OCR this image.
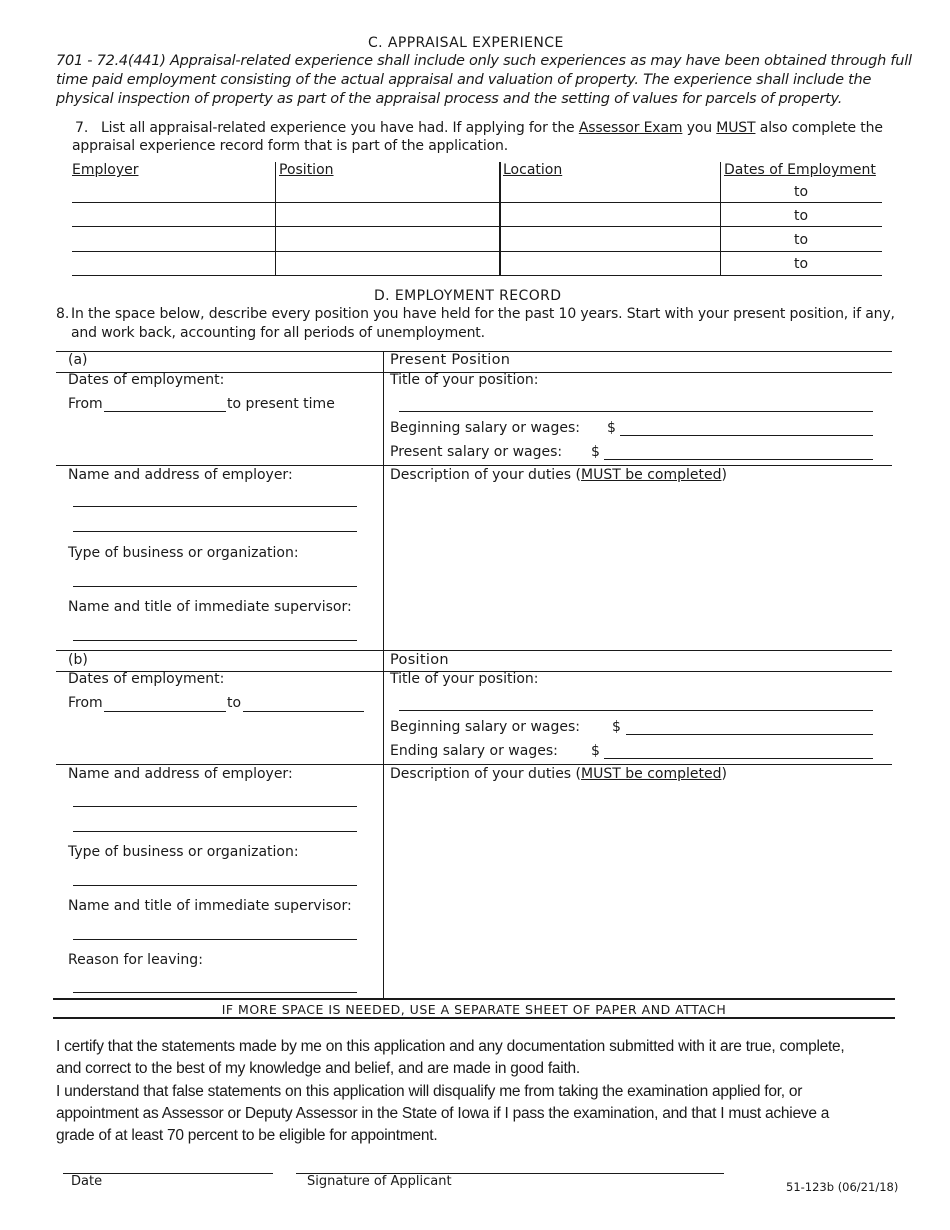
C. APPRAISAL EXPERIENCE
701 - 72.4(441) Appraisal-related experience shall include only such experiences as may have been obtained through full
time paid employment consisting of the actual appraisal and valuation of property. The experience shall include the
physical inspection of property as part of the appraisal process and the setting of values for parcels of property.
7. List all appraisal-related experience you have had. If applying for the Assessor Exam you MUST also complete the
appraisal experience record form that is part of the application.
Employer	Position	Location	Dates of Employment
to
to
to
to
D. EMPLOYMENT RECORD
8. In the space below, describe every position you have held for the past 10 years. Start with your present position, if any,
and work back, accounting for all periods of unemployment.
(a)	Present Position
Dates of employment:
From	to present time
Title of your position:
Beginning salary or wages: $
Present salary or wages: $
Name and address of employer:
Type of business or organization:
Name and title of immediate supervisor:
Description of your duties (MUST be completed)
(b)	Position
Dates of employment:
From	to
Title of your position:
Beginning salary or wages: $
Ending salary or wages: $
Name and address of employer:
Type of business or organization:
Name and title of immediate supervisor:
Reason for leaving:
Description of your duties (MUST be completed)
IF MORE SPACE IS NEEDED, USE A SEPARATE SHEET OF PAPER AND ATTACH
I certify that the statements made by me on this application and any documentation submitted with it are true, complete,
and correct to the best of my knowledge and belief, and are made in good faith.
I understand that false statements on this application will disqualify me from taking the examination applied for, or
appointment as Assessor or Deputy Assessor in the State of Iowa if I pass the examination, and that I must achieve a
grade of at least 70 percent to be eligible for appointment.
Date	Signature of Applicant	51-123b (06/21/18)
